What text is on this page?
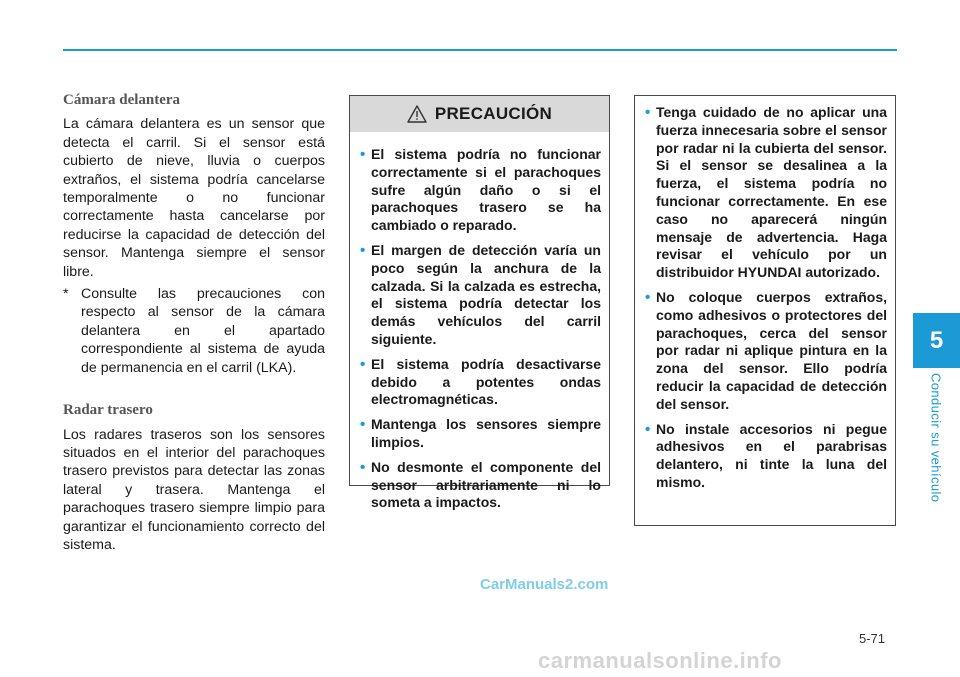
Cámara delantera

La cámara delantera es un sensor que detecta el carril. Si el sensor está cubierto de nieve, lluvia o cuerpos extraños, el sistema podría cancelarse temporalmente o no funcionar correctamente hasta cancelarse por reducirse la capacidad de detección del sensor. Mantenga siempre el sensor libre.

* Consulte las precauciones con respecto al sensor de la cámara delantera en el apartado correspondiente al sistema de ayuda de permanencia en el carril (LKA).
Radar trasero

Los radares traseros son los sensores situados en el interior del parachoques trasero previstos para detectar las zonas lateral y trasera. Mantenga el parachoques trasero siempre limpio para garantizar el funcionamiento correcto del sistema.

PRECAUCIÓN
• El sistema podría no funcionar correctamente si el parachoques sufre algún daño o si el parachoques trasero se ha cambiado o reparado.
• El margen de detección varía un poco según la anchura de la calzada. Si la calzada es estrecha, el sistema podría detectar los demás vehículos del carril siguiente.
• El sistema podría desactivarse debido a potentes ondas electromagnéticas.
• Mantenga los sensores siempre limpios.
• No desmonte el componente del sensor arbitrariamente ni lo someta a impactos.
• Tenga cuidado de no aplicar una fuerza innecesaria sobre el sensor por radar ni la cubierta del sensor. Si el sensor se desalinea a la fuerza, el sistema podría no funcionar correctamente. En ese caso no aparecerá ningún mensaje de advertencia. Haga revisar el vehículo por un distribuidor HYUNDAI autorizado.
• No coloque cuerpos extraños, como adhesivos o protectores del parachoques, cerca del sensor por radar ni aplique pintura en la zona del sensor. Ello podría reducir la capacidad de detección del sensor.
• No instale accesorios ni pegue adhesivos en el parabrisas delantero, ni tinte la luna del mismo.
5
Conducir su vehículo
CarManuals2.com
5-71
carmanualsonline.info
